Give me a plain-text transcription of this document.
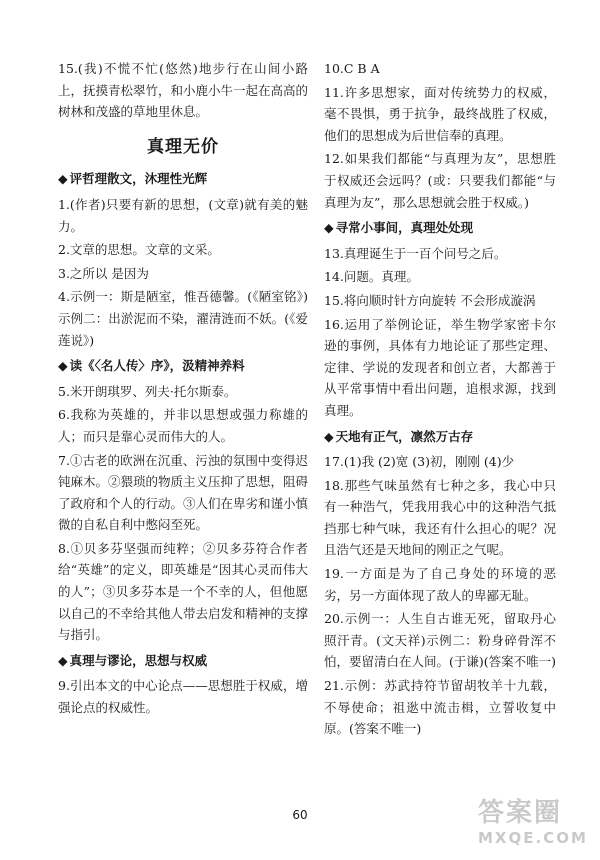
15.(我)不慌不忙(悠然)地步行在山间小路上，抚摸青松翠竹，和小鹿小牛一起在高高的树林和茂盛的草地里休息。

真理无价
◆ 评哲理散文，沐理性光辉

1.(作者)只要有新的思想，(文章)就有美的魅力。

2.文章的思想。文章的文采。

3.之所以 是因为

4.示例一：斯是陋室，惟吾德馨。(《陋室铭》)示例二：出淤泥而不染，濯清涟而不妖。(《爱莲说》)

◆ 读《〈名人传〉序》，汲精神养料

5.米开朗琪罗、列夫·托尔斯泰。

6.我称为英雄的，并非以思想或强力称雄的人；而只是靠心灵而伟大的人。

7.①古老的欧洲在沉重、污浊的氛围中变得迟钝麻木。②猥琐的物质主义压抑了思想，阻碍了政府和个人的行动。③人们在卑劣和谨小慎微的自私自利中憋闷至死。

8.①贝多芬坚强而纯粹；②贝多芬符合作者给“英雄”的定义，即英雄是“因其心灵而伟大的人”；③贝多芬本是一个不幸的人，但他愿以自己的不幸给其他人带去启发和精神的支撑与指引。

◆ 真理与谬论，思想与权威

9.引出本文的中心论点——思想胜于权威，增强论点的权威性。

10.C B A

11.许多思想家，面对传统势力的权威，毫不畏惧，勇于抗争，最终战胜了权威，他们的思想成为后世信奉的真理。

12.如果我们都能“与真理为友”，思想胜于权威还会远吗？(或：只要我们都能“与真理为友”，那么思想就会胜于权威。)

◆ 寻常小事间，真理处处现

13.真理诞生于一百个问号之后。

14.问题。真理。

15.将向顺时针方向旋转 不会形成漩涡

16.运用了举例论证，举生物学家密卡尔逊的事例，具体有力地论证了那些定理、定律、学说的发现者和创立者，大都善于从平常事情中看出问题，追根求源，找到真理。

◆ 天地有正气，凛然万古存

17.(1)我 (2)宽 (3)初，刚刚 (4)少

18.那些气味虽然有七种之多，我心中只有一种浩气，凭我用我心中的这种浩气抵挡那七种气味，我还有什么担心的呢？况且浩气还是天地间的刚正之气呢。

19.一方面是为了自己身处的环境的恶劣，另一方面体现了敌人的卑鄙无耻。

20.示例一：人生自古谁无死，留取丹心照汗青。(文天祥)示例二：粉身碎骨浑不怕，要留清白在人间。(于谦)(答案不唯一)

21.示例：苏武持符节留胡牧羊十九载，不辱使命；祖逖中流击楫，立誓收复中原。(答案不唯一)

60	答案圈
MXQE.COM
